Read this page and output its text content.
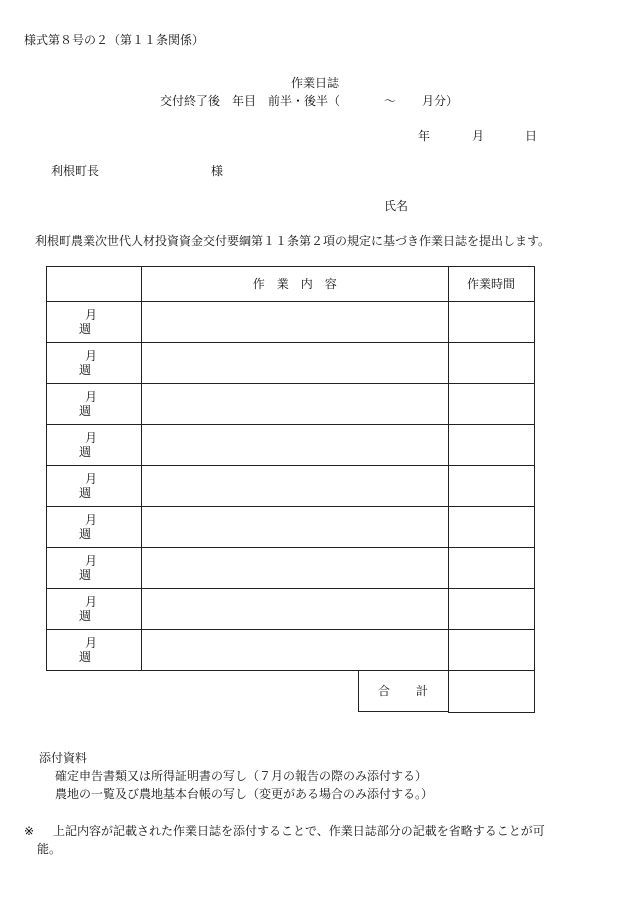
様式第８号の２（第１１条関係）
作業日誌
交付終了後　年目　前半・後半（	〜 月分）
年	月	日
利根町長	様
氏名
利根町農業次世代人材投資資金交付要綱第１１条第２項の規定に基づき作業日誌を提出します。
	作　業　内　容	作業時間
月週		
月週		
月週		
月週		
月週		
月週		
月週		
月週		
月週		

	合 計	

添付資料
確定申告書類又は所得証明書の写し（７月の報告の際のみ添付する）
農地の一覧及び農地基本台帳の写し（変更がある場合のみ添付する。）
※ 上記内容が記載された作業日誌を添付することで、作業日誌部分の記載を省略することが可
能。
